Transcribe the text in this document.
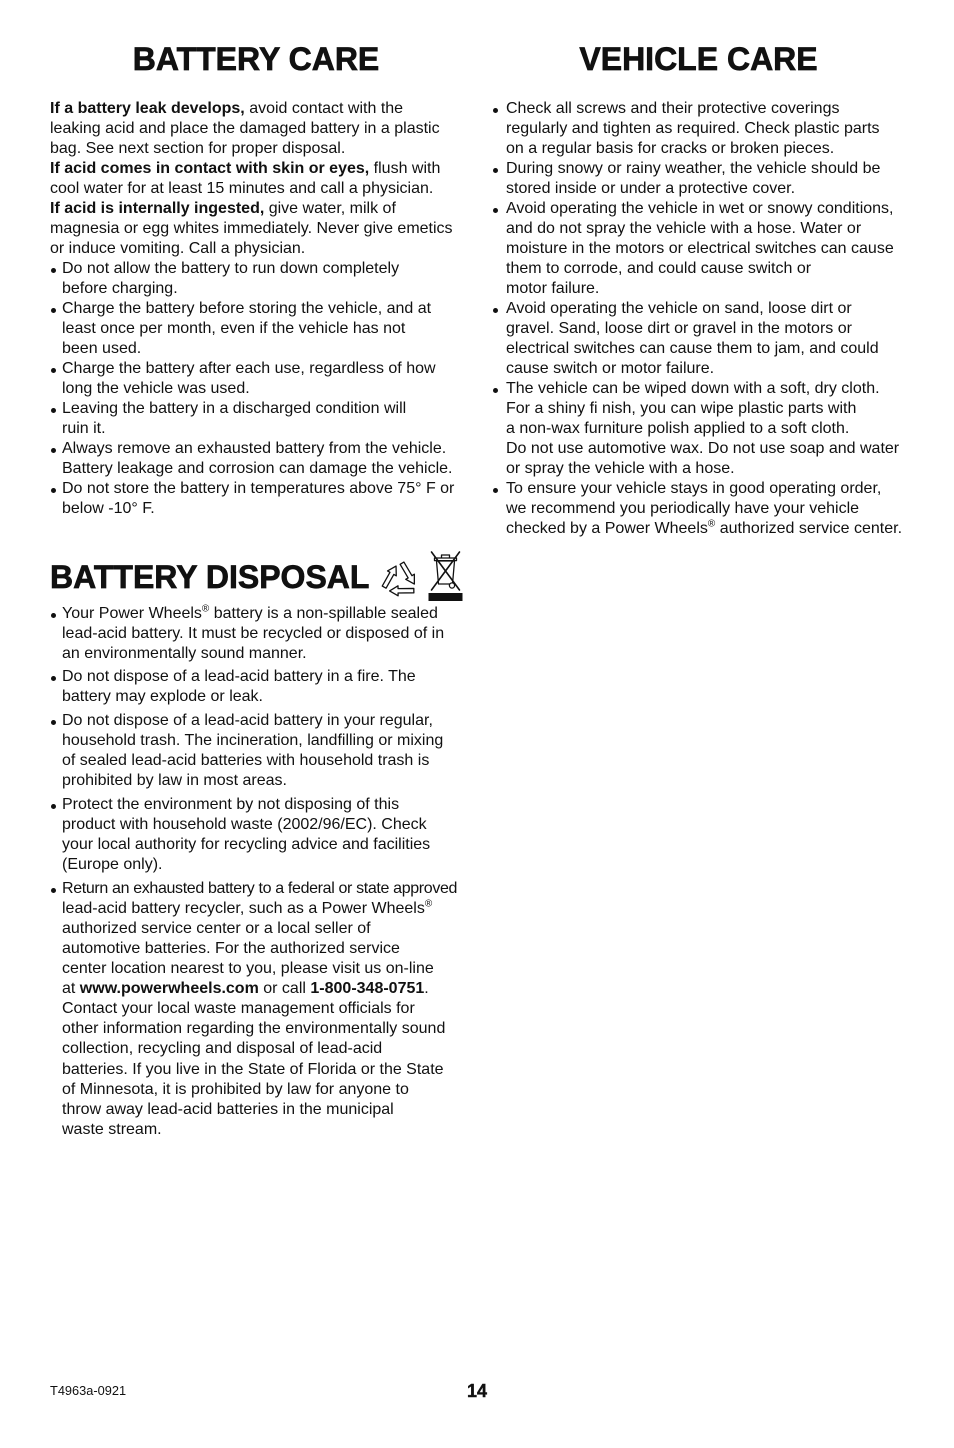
BATTERY CARE

If a battery leak develops, avoid contact with the
leaking acid and place the damaged battery in a plastic
bag. See next section for proper disposal.

If acid comes in contact with skin or eyes, flush with
cool water for at least 15 minutes and call a physician.

If acid is internally ingested, give water, milk of
magnesia or egg whites immediately. Never give emetics
or induce vomiting. Call a physician.

Do not allow the battery to run down completely
before charging.
Charge the battery before storing the vehicle, and at
least once per month, even if the vehicle has not
been used.
Charge the battery after each use, regardless of how
long the vehicle was used.
Leaving the battery in a discharged condition will
ruin it.
Always remove an exhausted battery from the vehicle.
Battery leakage and corrosion can damage the vehicle.
Do not store the battery in temperatures above 75° F or
below -10° F.
BATTERY DISPOSAL
Your Power Wheels® battery is a non-spillable sealed
lead-acid battery. It must be recycled or disposed of in
an environmentally sound manner.
Do not dispose of a lead-acid battery in a fire. The
battery may explode or leak.
Do not dispose of a lead-acid battery in your regular,
household trash. The incineration, landfilling or mixing
of sealed lead-acid batteries with household trash is
prohibited by law in most areas.
Protect the environment by not disposing of this
product with household waste (2002/96/EC). Check
your local authority for recycling advice and facilities
(Europe only).
Return an exhausted battery to a federal or state approved
lead-acid battery recycler, such as a Power Wheels®
authorized service center or a local seller of
automotive batteries. For the authorized service
center location nearest to you, please visit us on-line
at www.powerwheels.com or call 1-800-348-0751.
Contact your local waste management officials for
other information regarding the environmentally sound
collection, recycling and disposal of lead-acid
batteries. If you live in the State of Florida or the State
of Minnesota, it is prohibited by law for anyone to
throw away lead-acid batteries in the municipal
waste stream.
VEHICLE CARE
Check all screws and their protective coverings
regularly and tighten as required. Check plastic parts
on a regular basis for cracks or broken pieces.
During snowy or rainy weather, the vehicle should be
stored inside or under a protective cover.
Avoid operating the vehicle in wet or snowy conditions,
and do not spray the vehicle with a hose. Water or
moisture in the motors or electrical switches can cause
them to corrode, and could cause switch or
motor failure.
Avoid operating the vehicle on sand, loose dirt or
gravel. Sand, loose dirt or gravel in the motors or
electrical switches can cause them to jam, and could
cause switch or motor failure.
The vehicle can be wiped down with a soft, dry cloth.
For a shiny fi nish, you can wipe plastic parts with
a non-wax furniture polish applied to a soft cloth.
Do not use automotive wax. Do not use soap and water
or spray the vehicle with a hose.
To ensure your vehicle stays in good operating order,
we recommend you periodically have your vehicle
checked by a Power Wheels® authorized service center.
T4963a-0921	14
